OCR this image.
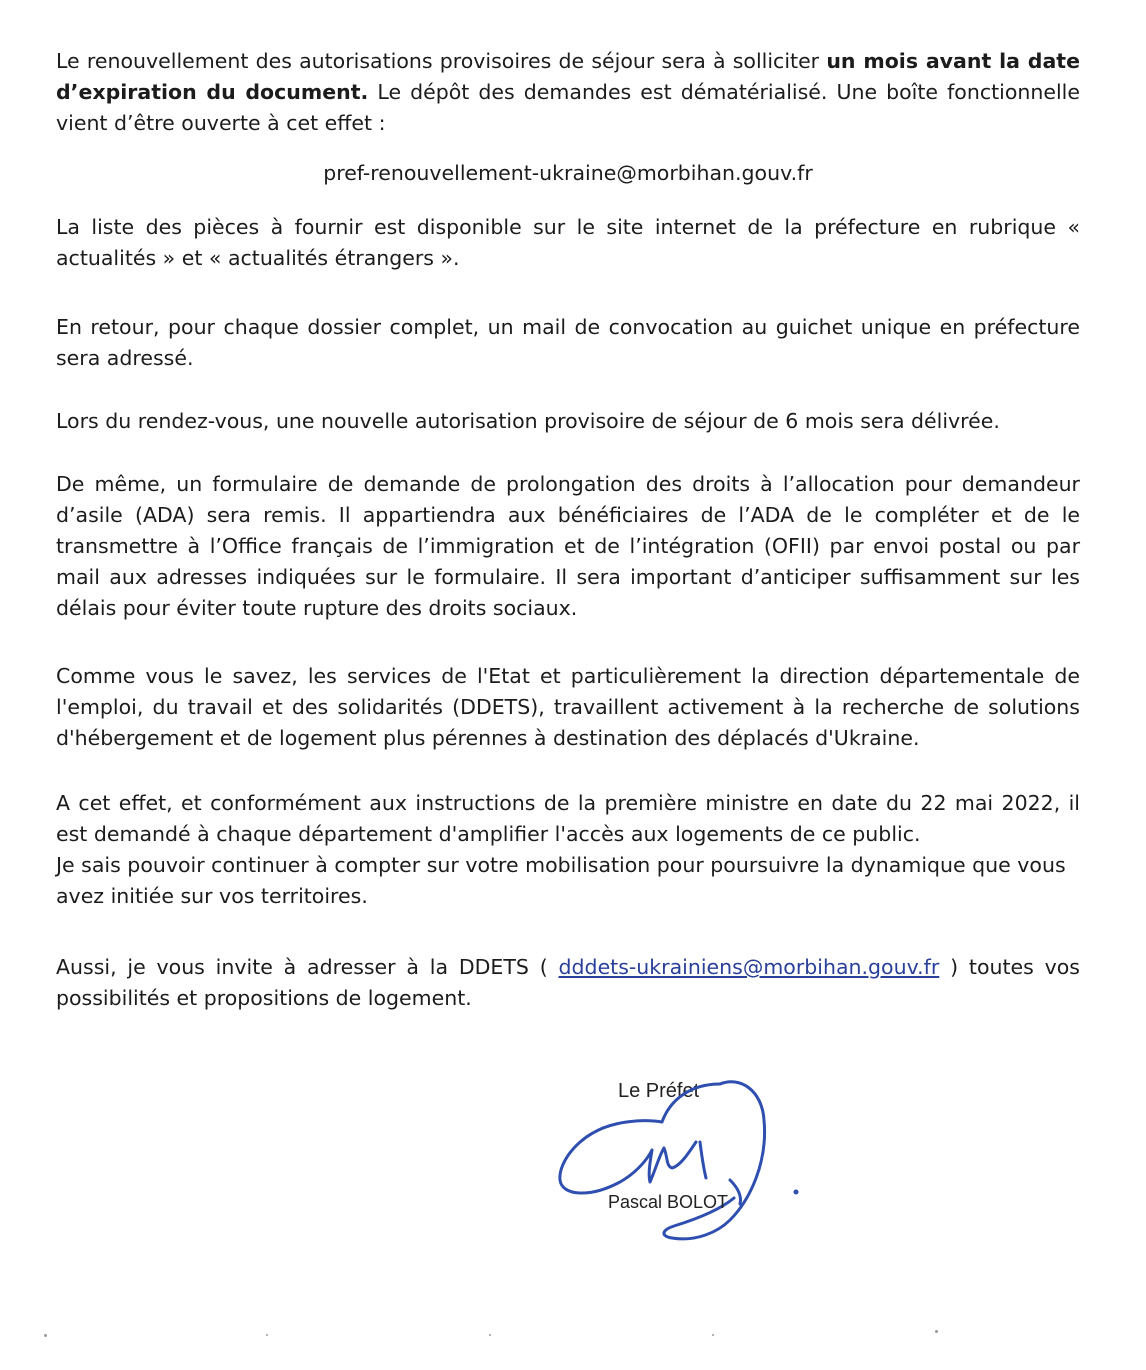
Le renouvellement des autorisations provisoires de séjour sera à solliciter un mois avant la date d’expiration du document. Le dépôt des demandes est dématérialisé. Une boîte fonctionnelle vient d’être ouverte à cet effet :

pref-renouvellement-ukraine@morbihan.gouv.fr

La liste des pièces à fournir est disponible sur le site internet de la préfecture en rubrique « actualités » et « actualités étrangers ».

En retour, pour chaque dossier complet, un mail de convocation au guichet unique en préfecture sera adressé.

Lors du rendez-vous, une nouvelle autorisation provisoire de séjour de 6 mois sera délivrée.

De même, un formulaire de demande de prolongation des droits à l’allocation pour demandeur d’asile (ADA) sera remis. Il appartiendra aux bénéficiaires de l’ADA de le compléter et de le transmettre à l’Office français de l’immigration et de l’intégration (OFII) par envoi postal ou par mail aux adresses indiquées sur le formulaire. Il sera important d’anticiper suffisamment sur les délais pour éviter toute rupture des droits sociaux.

Comme vous le savez, les services de l'Etat et particulièrement la direction départementale de l'emploi, du travail et des solidarités (DDETS), travaillent activement à la recherche de solutions d'hébergement et de logement plus pérennes à destination des déplacés d'Ukraine.

A cet effet, et conformément aux instructions de la première ministre en date du 22 mai 2022, il est demandé à chaque département d'amplifier l'accès aux logements de ce public.

Je sais pouvoir continuer à compter sur votre mobilisation pour poursuivre la dynamique que vous avez initiée sur vos territoires.

Aussi, je vous invite à adresser à la DDETS ( dddets-ukrainiens@morbihan.gouv.fr ) toutes vos possibilités et propositions de logement.

Le Préfet
Pascal BOLOT
